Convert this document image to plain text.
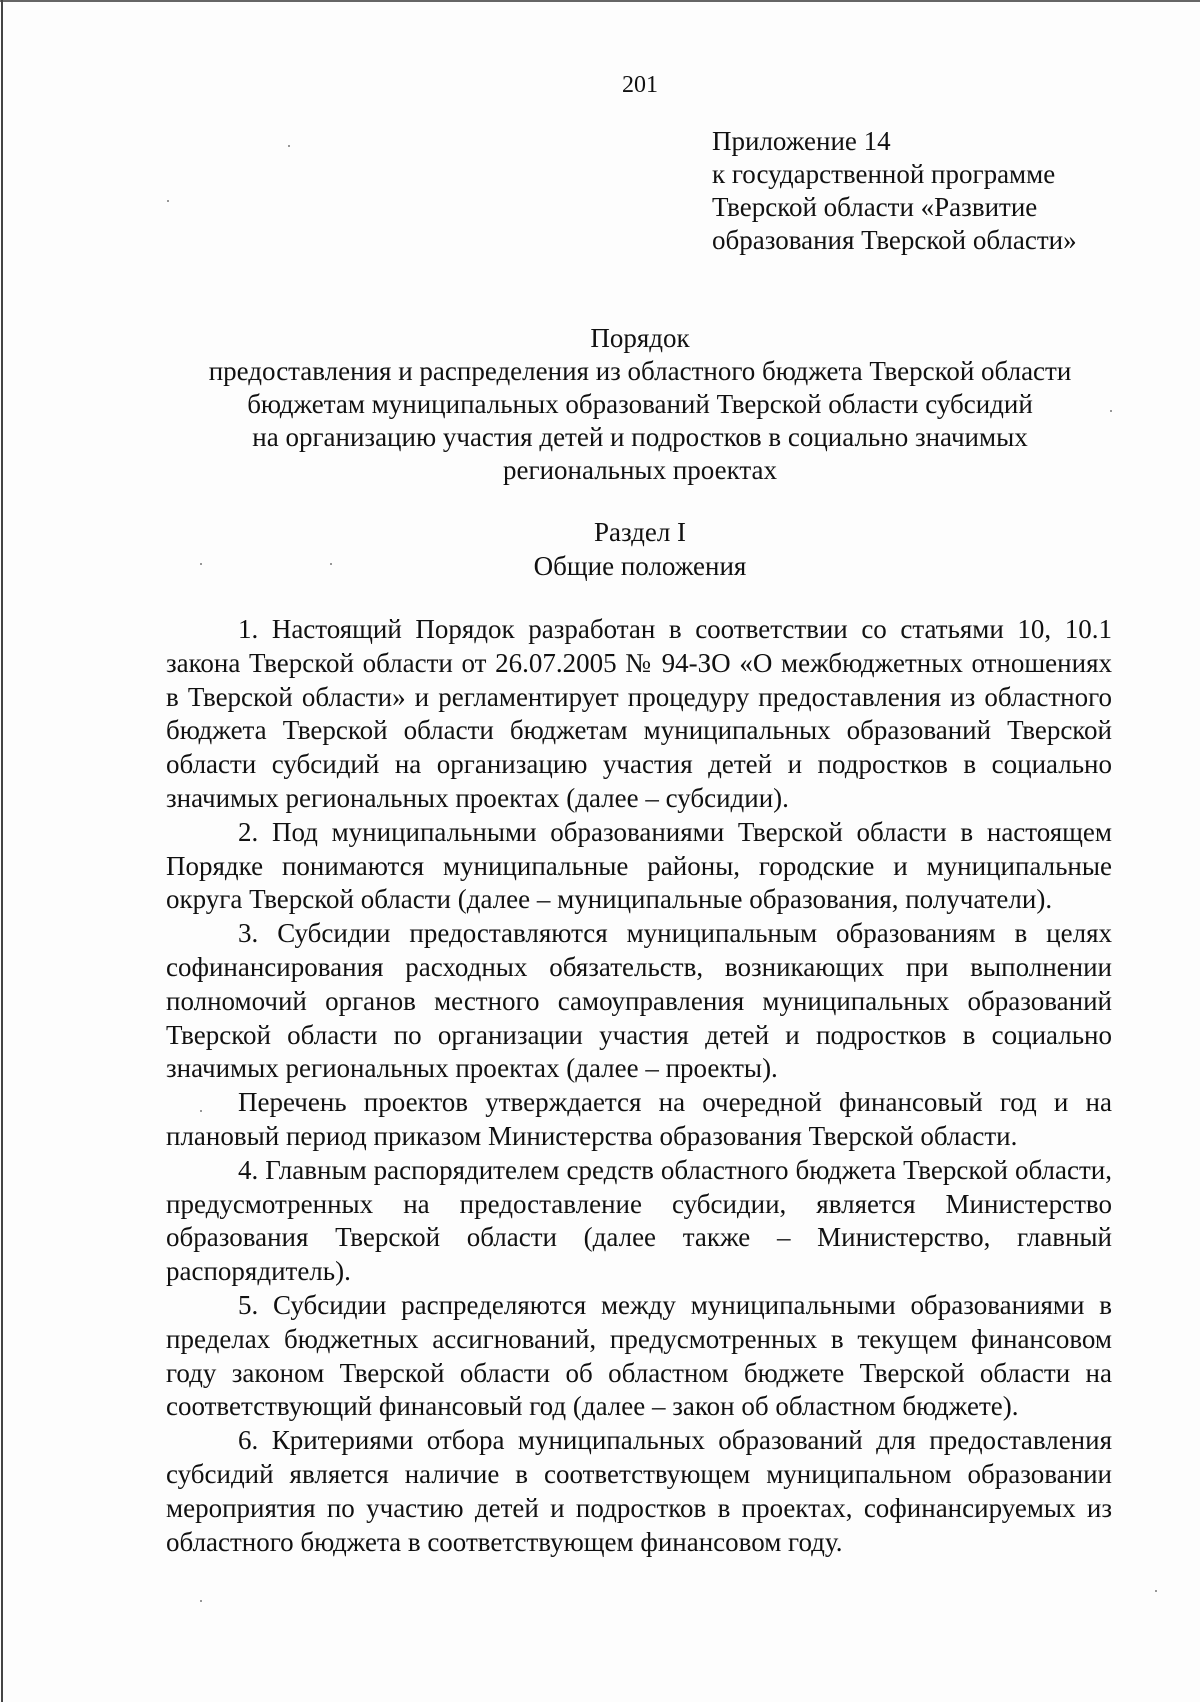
201
Приложение 14
к государственной программе
Тверской области «Развитие
образования Тверской области»
Порядок
предоставления и распределения из областного бюджета Тверской области
бюджетам муниципальных образований Тверской области субсидий
на организацию участия детей и подростков в социально значимых
региональных проектах
Раздел I
Общие положения

1. Настоящий Порядок разработан в соответствии со статьями 10, 10.1 закона Тверской области от 26.07.2005 № 94-ЗО «О межбюджетных отношениях в Тверской области» и регламентирует процедуру предоставления из областного бюджета Тверской области бюджетам муниципальных образований Тверской области субсидий на организацию участия детей и подростков в социально значимых региональных проектах (далее – субсидии).

2. Под муниципальными образованиями Тверской области в настоящем Порядке понимаются муниципальные районы, городские и муниципальные округа Тверской области (далее – муниципальные образования, получатели).

3. Субсидии предоставляются муниципальным образованиям в целях софинансирования расходных обязательств, возникающих при выполнении полномочий органов местного самоуправления муниципальных образований Тверской области по организации участия детей и подростков в социально значимых региональных проектах (далее – проекты).

Перечень проектов утверждается на очередной финансовый год и на плановый период приказом Министерства образования Тверской области.

4. Главным распорядителем средств областного бюджета Тверской области, предусмотренных на предоставление субсидии, является Министерство образования Тверской области (далее также – Министерство, главный распорядитель).

5. Субсидии распределяются между муниципальными образованиями в пределах бюджетных ассигнований, предусмотренных в текущем финансовом году законом Тверской области об областном бюджете Тверской области на соответствующий финансовый год (далее – закон об областном бюджете).

6. Критериями отбора муниципальных образований для предоставления субсидий является наличие в соответствующем муниципальном образовании мероприятия по участию детей и подростков в проектах, софинансируемых из областного бюджета в соответствующем финансовом году.
